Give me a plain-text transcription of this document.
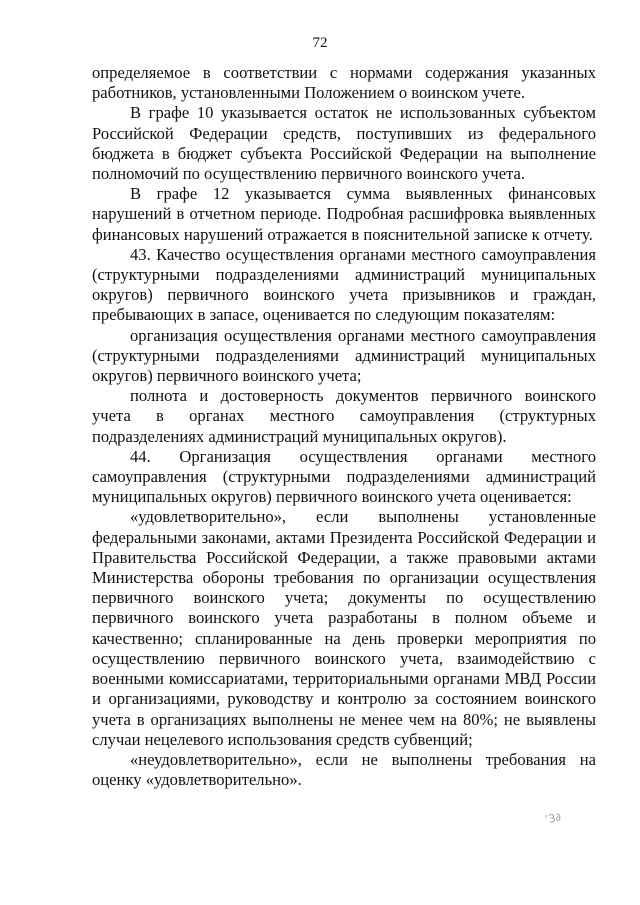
72

определяемое в соответствии с нормами содержания указанных работников, установленными Положением о воинском учете.

В графе 10 указывается остаток не использованных субъектом Российской Федерации средств, поступивших из федерального бюджета в бюджет субъекта Российской Федерации на выполнение полномочий по осуществлению первичного воинского учета.

В графе 12 указывается сумма выявленных финансовых нарушений в отчетном периоде. Подробная расшифровка выявленных финансовых нарушений отражается в пояснительной записке к отчету.

43. Качество осуществления органами местного самоуправления (структурными подразделениями администраций муниципальных округов) первичного воинского учета призывников и граждан, пребывающих в запасе, оценивается по следующим показателям:

организация осуществления органами местного самоуправления (структурными подразделениями администраций муниципальных округов) первичного воинского учета;

полнота и достоверность документов первичного воинского учета в органах местного самоуправления (структурных подразделениях администраций муниципальных округов).

44. Организация осуществления органами местного самоуправления (структурными подразделениями администраций муниципальных округов) первичного воинского учета оценивается:

«удовлетворительно», если выполнены установленные федеральными законами, актами Президента Российской Федерации и Правительства Российской Федерации, а также правовыми актами Министерства обороны требования по организации осуществления первичного воинского учета; документы по осуществлению первичного воинского учета разработаны в полном объеме и качественно; спланированные на день проверки мероприятия по осуществлению первичного воинского учета, взаимодействию с военными комиссариатами, территориальными органами МВД России и организациями, руководству и контролю за состоянием воинского учета в организациях выполнены не менее чем на 80%; не выявлены случаи нецелевого использования средств субвенций;

«неудовлетворительно», если не выполнены требования на оценку «удовлетворительно».

ʿЗ∂
